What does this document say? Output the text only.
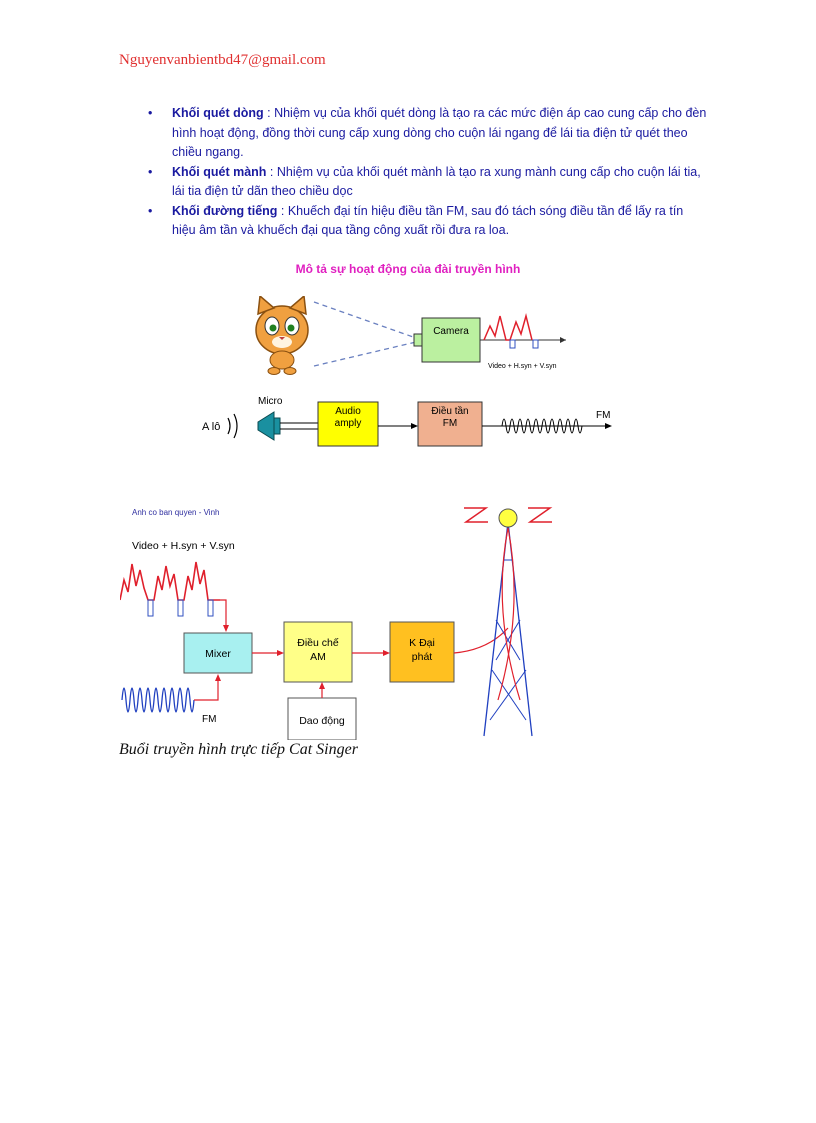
Nguyenvanbientbd47@gmail.com
• Khối quét dòng : Nhiệm vụ của khối quét dòng là tạo ra các mức điện áp cao cung cấp cho đèn hình hoạt động, đồng thời cung cấp xung dòng cho cuộn lái ngang để lái tia điện tử quét theo chiều ngang.
• Khối quét mành : Nhiệm vụ của khối quét mành là tạo ra xung mành cung cấp cho cuộn lái tia, lái tia điện tử dãn theo chiều dọc
• Khối đường tiếng : Khuếch đại tín hiệu điều tần FM, sau đó tách sóng điều tần để lấy ra tín hiệu âm tần và khuếch đại qua tầng công xuất rồi đưa ra loa.
Mô tả sự hoạt động của đài truyền hình
Camera
Video + H.syn + V.syn
A lô
Micro
Audio
amply
Điều tần
FM
FM
Anh co ban quyen - Vinh
Video + H.syn + V.syn
Mixer
Điều chế
AM
K Đại
phát
Dao động
FM
Buổi truyền hình trực tiếp Cat Singer
